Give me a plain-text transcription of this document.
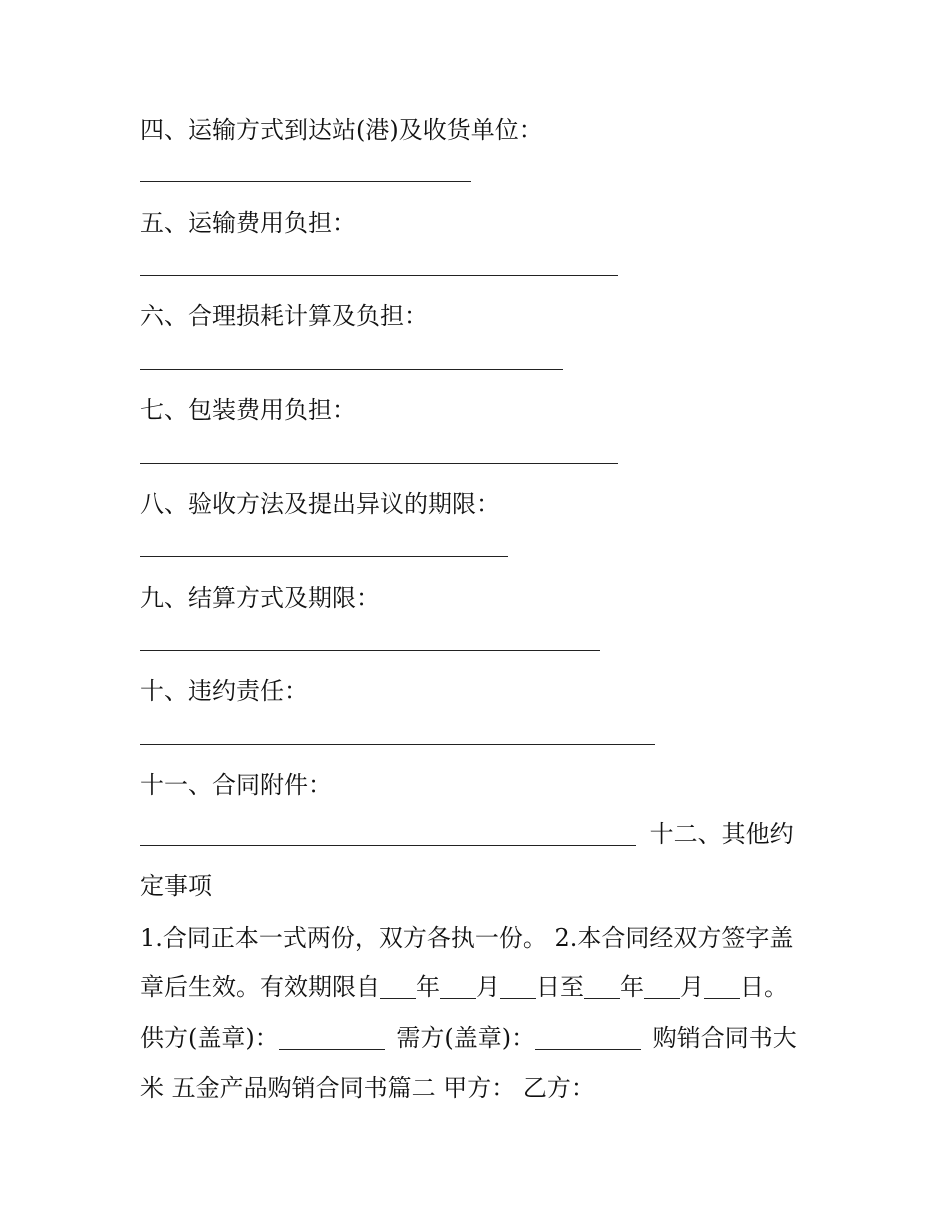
四、运输方式到达站(港)及收货单位：
五、运输费用负担：
六、合理损耗计算及负担：
七、包装费用负担：
八、验收方法及提出异议的期限：
九、结算方式及期限：
十、违约责任：
十一、合同附件：
十二、其他约
定事项
1.合同正本一式两份，双方各执一份。 2.本合同经双方签字盖
章后生效。有效期限自 年 月 日至 年 月 日。
供方(盖章)：	需方(盖章)：	购销合同书大
米 五金产品购销合同书篇二 甲方： 乙方：
